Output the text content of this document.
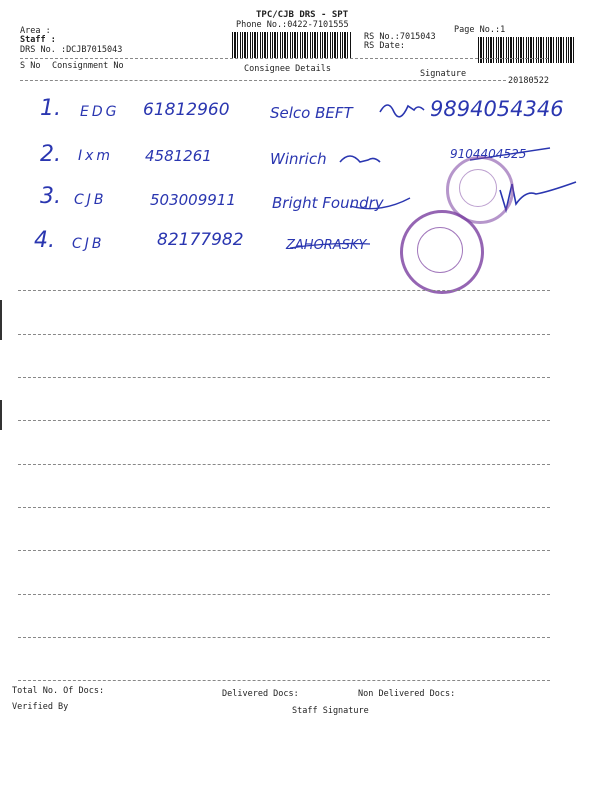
Area :
Staff :
DRS No. :DCJB7015043
TPC/CJB DRS - SPT
Phone No.:0422-7101555
RS No.:7015043
RS Date:
Page No.:1
S No Consignment No	Consignee Details	Signature
20180522
1. EDG 61812960	Selco BEFT	9894054346
2. Ixm 4581261	Winrich	9104404525
3. CJB	503009911 Bright Foundry
4. CJB	82177982	ZAHORASKY
Total No. Of Docs:	Delivered Docs:	Non Delivered Docs:
Verified By	Staff Signature
